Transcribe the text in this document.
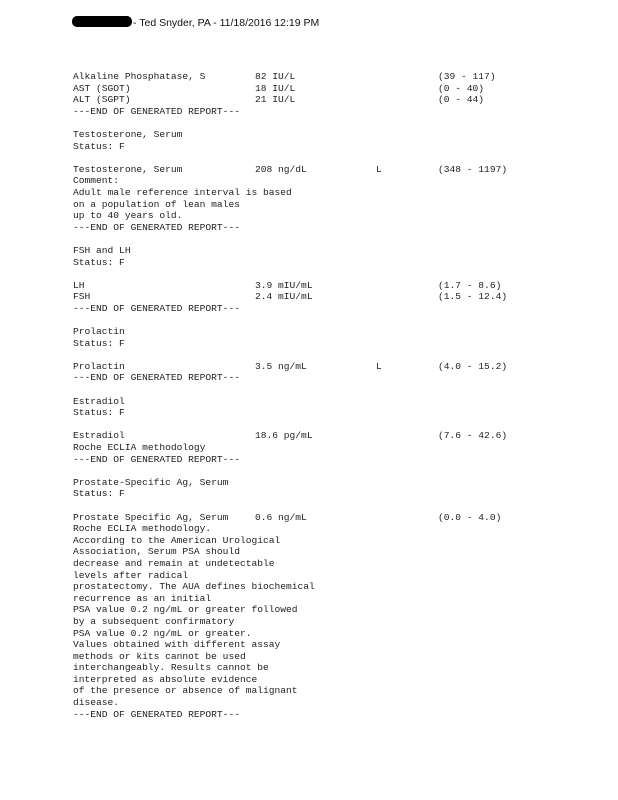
- Ted Snyder, PA - 11/18/2016 12:19 PM
Alkaline Phosphatase, S	82 IU/L	(39 - 117)
AST (SGOT)	18 IU/L	(0 - 40)
ALT (SGPT)	21 IU/L	(0 - 44)
---END OF GENERATED REPORT---
Testosterone, Serum
Status: F
Testosterone, Serum	208 ng/dL	L	(348 - 1197)
Comment:
Adult male reference interval is based
on a population of lean males
up to 40 years old.
---END OF GENERATED REPORT---
FSH and LH
Status: F
LH	3.9 mIU/mL	(1.7 - 8.6)
FSH	2.4 mIU/mL	(1.5 - 12.4)
---END OF GENERATED REPORT---
Prolactin
Status: F
Prolactin	3.5 ng/mL	L	(4.0 - 15.2)
---END OF GENERATED REPORT---
Estradiol
Status: F
Estradiol	18.6 pg/mL	(7.6 - 42.6)
Roche ECLIA methodology
---END OF GENERATED REPORT---
Prostate-Specific Ag, Serum
Status: F
Prostate Specific Ag, Serum	0.6 ng/mL	(0.0 - 4.0)
Roche ECLIA methodology.
According to the American Urological
Association, Serum PSA should
decrease and remain at undetectable
levels after radical
prostatectomy. The AUA defines biochemical
recurrence as an initial
PSA value 0.2 ng/mL or greater followed
by a subsequent confirmatory
PSA value 0.2 ng/mL or greater.
Values obtained with different assay
methods or kits cannot be used
interchangeably. Results cannot be
interpreted as absolute evidence
of the presence or absence of malignant
disease.
---END OF GENERATED REPORT---
